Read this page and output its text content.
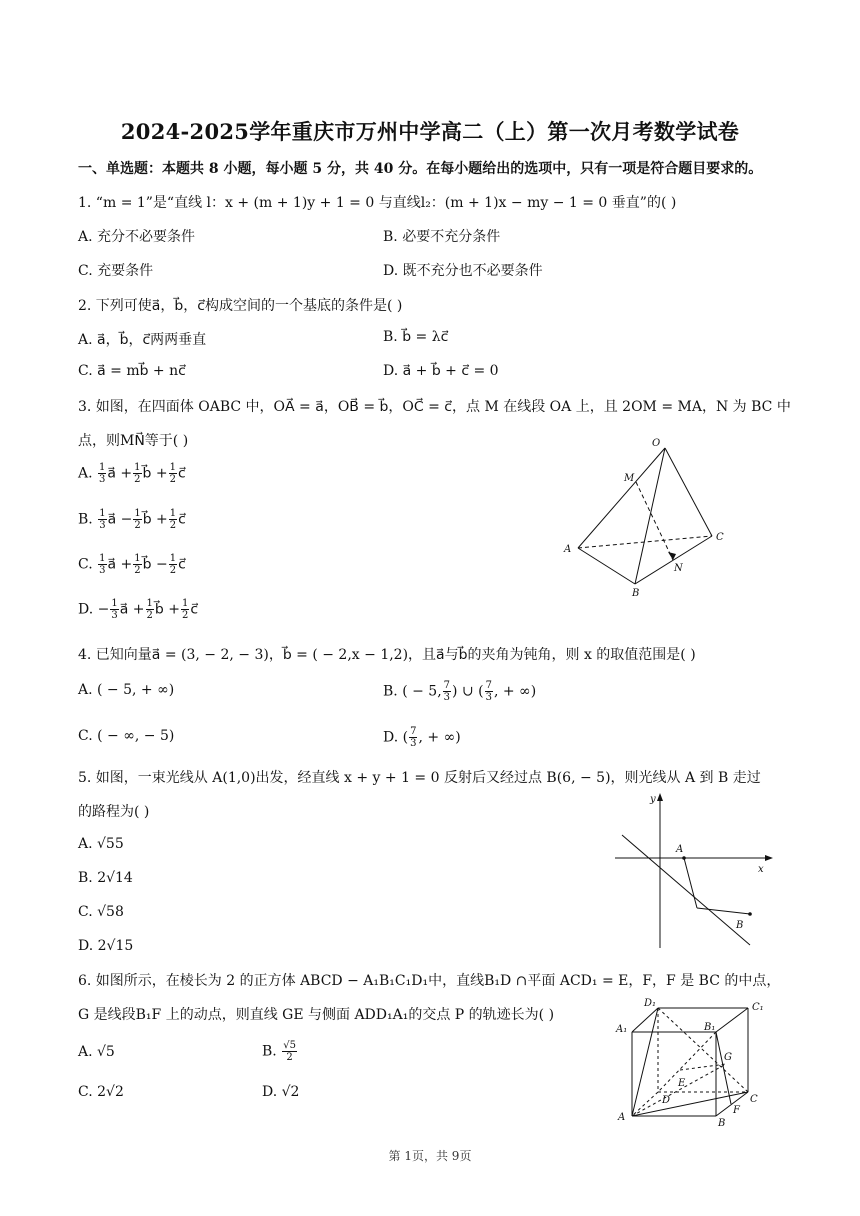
2024-2025学年重庆市万州中学高二（上）第一次月考数学试卷
一、单选题：本题共 8 小题，每小题 5 分，共 40 分。在每小题给出的选项中，只有一项是符合题目要求的。
1. “m = 1”是“直线 l：x + (m + 1)y + 1 = 0 与直线l₂：(m + 1)x − my − 1 = 0 垂直”的( )
A. 充分不必要条件	B. 必要不充分条件
C. 充要条件	D. 既不充分也不必要条件
2. 下列可使a⃗，b⃗，c⃗构成空间的一个基底的条件是( )
A. a⃗，b⃗，c⃗两两垂直	B. b⃗ = λc⃗
C. a⃗ = mb⃗ + nc⃗	D. a⃗ + b⃗ + c⃗ = 0
3. 如图，在四面体 OABC 中，OA⃗ = a⃗，OB⃗ = b⃗，OC⃗ = c⃗，点 M 在线段 OA 上，且 2OM = MA，N 为 BC 中
点，则MN⃗等于( )
A. $\frac{1}{3}$ a⃗ + $\frac{1}{2}$ b⃗ + $\frac{1}{2}$ c⃗
B. $\frac{1}{3}$ a⃗ − $\frac{1}{2}$ b⃗ + $\frac{1}{2}$ c⃗
C. $\frac{1}{3}$ a⃗ + $\frac{1}{2}$ b⃗ − $\frac{1}{2}$ c⃗
D. − $\frac{1}{3}$ a⃗ + $\frac{1}{2}$ b⃗ + $\frac{1}{2}$ c⃗
O
M
A
B
C
N
4. 已知向量a⃗ = (3, − 2, − 3)，b⃗ = ( − 2,x − 1,2)，且a⃗与b⃗的夹角为钝角，则 x 的取值范围是( )
A. ( − 5, + ∞)	B. ( − 5, $\frac{7}{3}$ ) ∪ ( $\frac{7}{3}$ , + ∞)
C. ( − ∞, − 5)	D. ( $\frac{7}{3}$ , + ∞)
5. 如图，一束光线从 A(1,0)出发，经直线 x + y + 1 = 0 反射后又经过点 B(6, − 5)，则光线从 A 到 B 走过
的路程为( )
A. √55
B. 2√14
C. √58
D. 2√15
y
x
A
B
6. 如图所示，在棱长为 2 的正方体 ABCD − A₁B₁C₁D₁中，直线B₁D ∩平面 ACD₁ = E，F，F 是 BC 的中点，
G 是线段B₁F 上的动点，则直线 GE 与侧面 ADD₁A₁的交点 P 的轨迹长为( )
A. √5	B. $\frac{√5}{2}$
C. 2√2	D. √2
D₁	C₁
A₁	B₁
G
E
D	C
A
B
F
第 1页，共 9页
